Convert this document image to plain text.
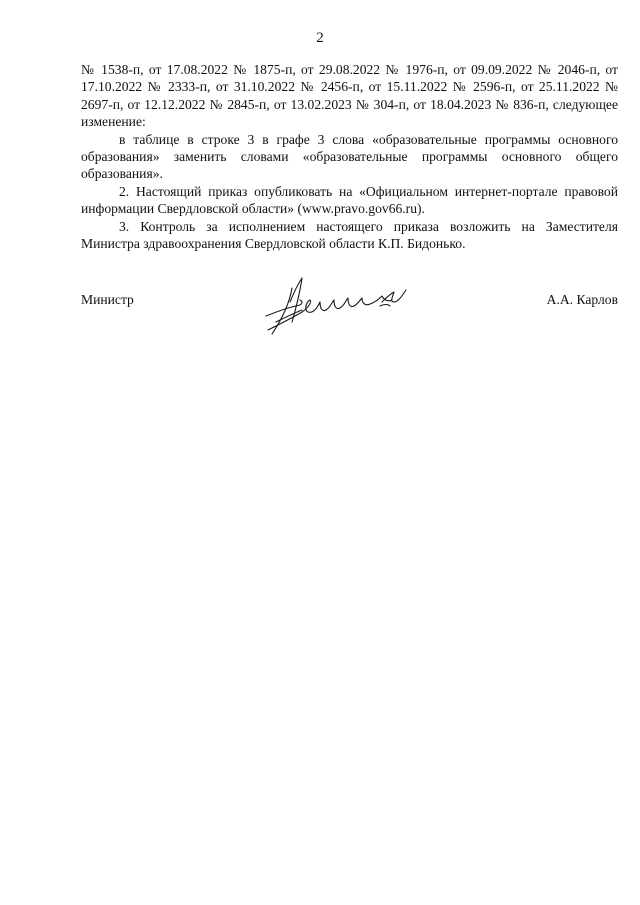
2

№ 1538-п, от 17.08.2022 № 1875-п, от 29.08.2022 № 1976-п, от 09.09.2022 № 2046-п, от 17.10.2022 № 2333-п, от 31.10.2022 № 2456-п, от 15.11.2022 № 2596-п, от 25.11.2022 № 2697-п, от 12.12.2022 № 2845-п, от 13.02.2023 № 304-п, от 18.04.2023 № 836-п, следующее изменение:

в таблице в строке 3 в графе 3 слова «образовательные программы основного образования» заменить словами «образовательные программы основного общего образования».

2. Настоящий приказ опубликовать на «Официальном интернет-портале правовой информации Свердловской области» (www.pravo.gov66.ru).

3. Контроль за исполнением настоящего приказа возложить на Заместителя Министра здравоохранения Свердловской области К.П. Бидонько.

Министр	А.А. Карлов
